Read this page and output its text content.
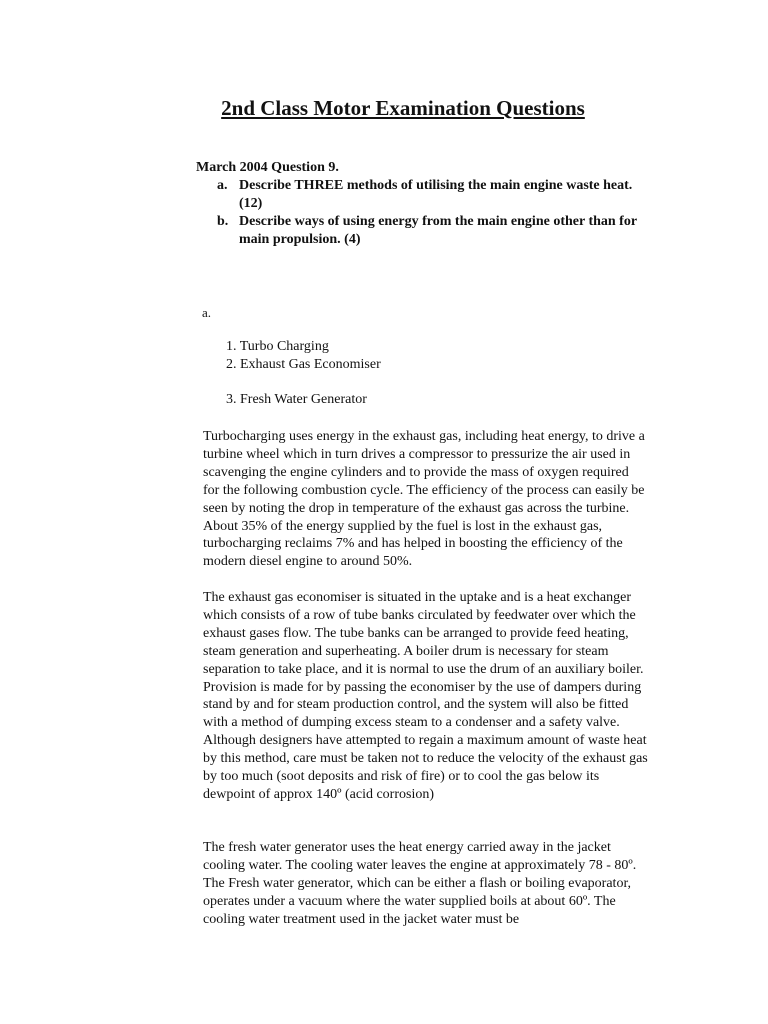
2nd Class Motor Examination Questions
March 2004 Question 9.
a. Describe THREE methods of utilising the main engine waste heat. (12)
b. Describe ways of using energy from the main engine other than for main propulsion. (4)
a.
1. Turbo Charging
2. Exhaust Gas Economiser
3. Fresh Water Generator

Turbocharging uses energy in the exhaust gas, including heat energy, to drive a turbine wheel which in turn drives a compressor to pressurize the air used in scavenging the engine cylinders and to provide the mass of oxygen required for the following combustion cycle. The efficiency of the process can easily be seen by noting the drop in temperature of the exhaust gas across the turbine. About 35% of the energy supplied by the fuel is lost in the exhaust gas, turbocharging reclaims 7% and has helped in boosting the efficiency of the modern diesel engine to around 50%.

The exhaust gas economiser is situated in the uptake and is a heat exchanger which consists of a row of tube banks circulated by feedwater over which the exhaust gases flow. The tube banks can be arranged to provide feed heating, steam generation and superheating. A boiler drum is necessary for steam separation to take place, and it is normal to use the drum of an auxiliary boiler. Provision is made for by passing the economiser by the use of dampers during stand by and for steam production control, and the system will also be fitted with a method of dumping excess steam to a condenser and a safety valve. Although designers have attempted to regain a maximum amount of waste heat by this method, care must be taken not to reduce the velocity of the exhaust gas by too much (soot deposits and risk of fire) or to cool the gas below its dewpoint of approx 140º (acid corrosion)

The fresh water generator uses the heat energy carried away in the jacket cooling water. The cooling water leaves the engine at approximately 78 - 80º. The Fresh water generator, which can be either a flash or boiling evaporator, operates under a vacuum where the water supplied boils at about 60º. The cooling water treatment used in the jacket water must be
